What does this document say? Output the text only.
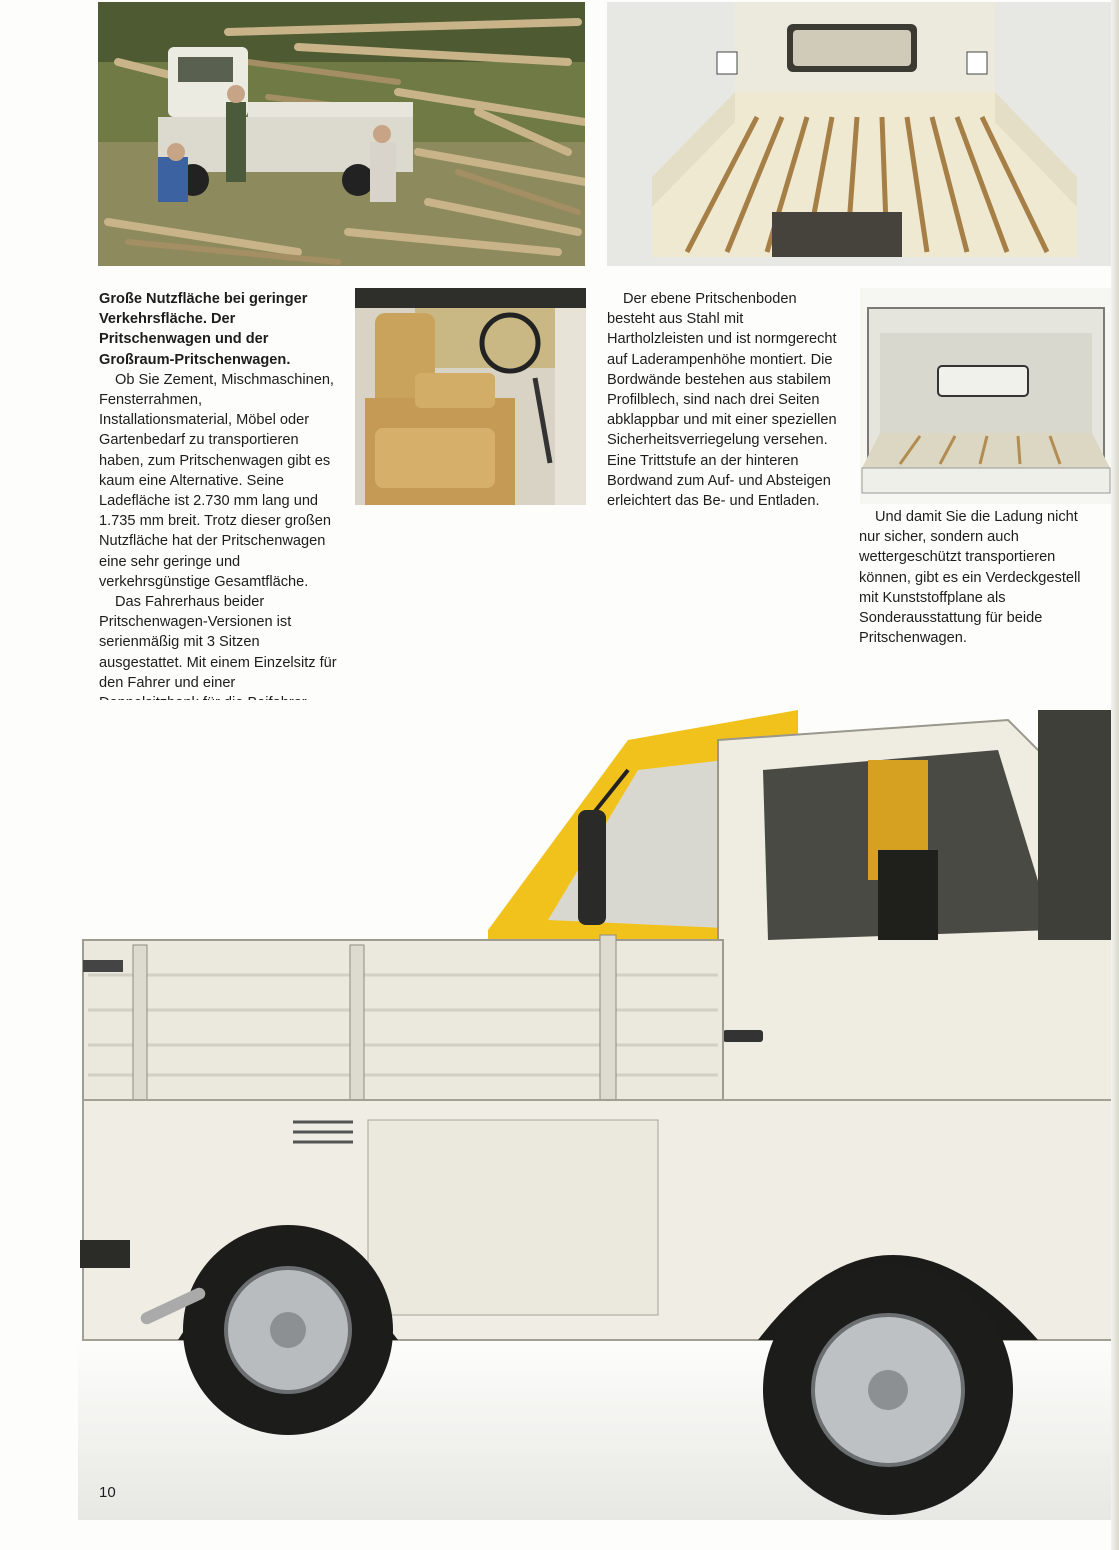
Große Nutzfläche bei geringer Verkehrsfläche. Der Pritschenwagen und der Großraum-Pritschenwagen.

Ob Sie Zement, Mischmaschinen, Fensterrahmen, Installationsmaterial, Möbel oder Gartenbedarf zu transportieren haben, zum Pritschenwagen gibt es kaum eine Alternative. Seine Ladefläche ist 2.730 mm lang und 1.735 mm breit. Trotz dieser großen Nutzfläche hat der Pritschenwagen eine sehr geringe und verkehrsgünstige Gesamtfläche.

Das Fahrerhaus beider Pritschenwagen-Versionen ist serienmäßig mit 3 Sitzen ausgestattet. Mit einem Einzelsitz für den Fahrer und einer

Der ebene Pritschenboden besteht aus Stahl mit Hartholzleisten und ist normgerecht auf Laderampenhöhe montiert. Die Bordwände bestehen aus stabilem Profilblech, sind nach drei Seiten abklappbar und mit einer speziellen Sicherheitsverriegelung versehen. Eine Trittstufe an der hinteren Bordwand zum Auf- und Absteigen erleichtert das Be- und Entladen.

Und damit Sie die Ladung nicht nur sicher, sondern auch wettergeschützt transportieren können, gibt es ein Verdeckgestell mit Kunststoffplane als Sonderausstattung für beide Pritschenwagen.

10
